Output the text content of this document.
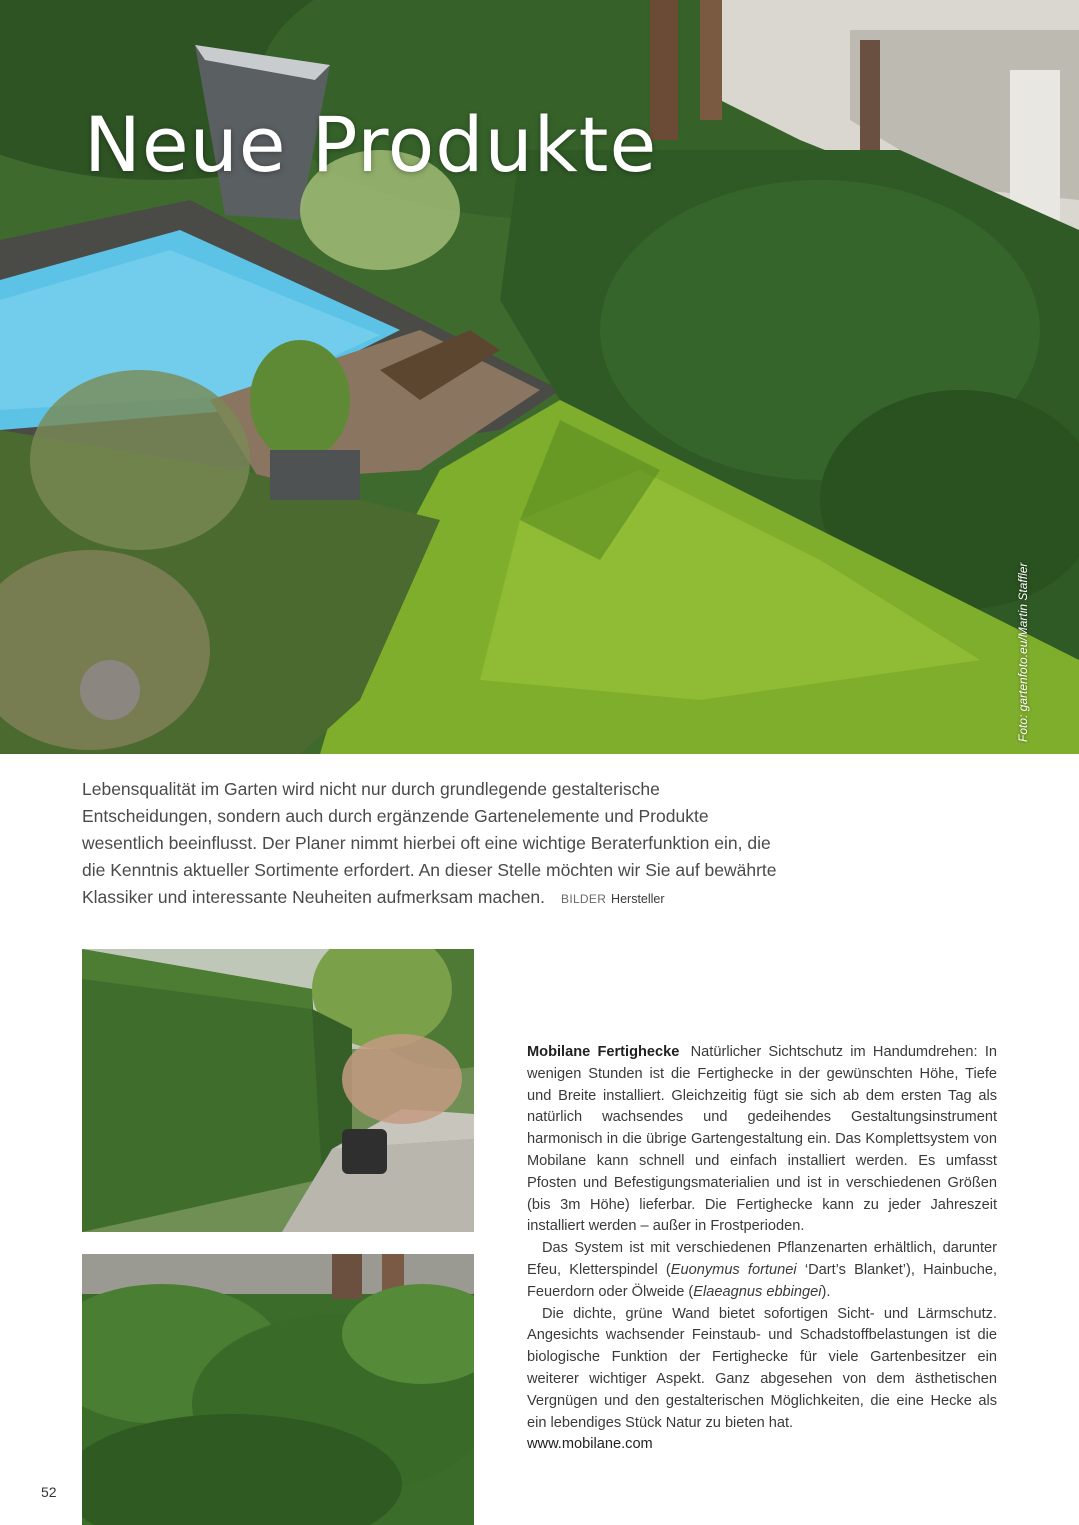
Neue Produkte
Foto: gartenfoto.eu/Martin Staffler

Lebensqualität im Garten wird nicht nur durch grundlegende gestalterische Entscheidungen, sondern auch durch ergänzende Gartenelemente und Produkte wesentlich beeinflusst. Der Planer nimmt hierbei oft eine wichtige Beraterfunktion ein, die die Kenntnis aktueller Sortimente erfordert. An dieser Stelle möchten wir Sie auf bewährte Klassiker und interessante Neuheiten aufmerksam machen. BILDER Hersteller

Mobilane Fertighecke Natürlicher Sichtschutz im Handumdrehen: In wenigen Stunden ist die Fertighecke in der gewünschten Höhe, Tiefe und Breite installiert. Gleichzeitig fügt sie sich ab dem ersten Tag als natürlich wachsendes und gedeihendes Gestaltungsinstrument harmonisch in die übrige Gartengestaltung ein. Das Komplettsystem von Mobilane kann schnell und einfach installiert werden. Es umfasst Pfosten und Befestigungsmaterialien und ist in verschiedenen Größen (bis 3m Höhe) lieferbar. Die Fertighecke kann zu jeder Jahreszeit installiert werden – außer in Frostperioden.

Das System ist mit verschiedenen Pflanzenarten erhältlich, darunter Efeu, Kletterspindel (Euonymus fortunei ‘Dart’s Blanket’), Hainbuche, Feuerdorn oder Ölweide (Elaeagnus ebbingei).

Die dichte, grüne Wand bietet sofortigen Sicht- und Lärmschutz. Angesichts wachsender Feinstaub- und Schadstoffbelastungen ist die biologische Funktion der Fertighecke für viele Gartenbesitzer ein weiterer wichtiger Aspekt. Ganz abgesehen von dem ästhetischen Vergnügen und den gestalterischen Möglichkeiten, die eine Hecke als ein lebendiges Stück Natur zu bieten hat.

www.mobilane.com

52
